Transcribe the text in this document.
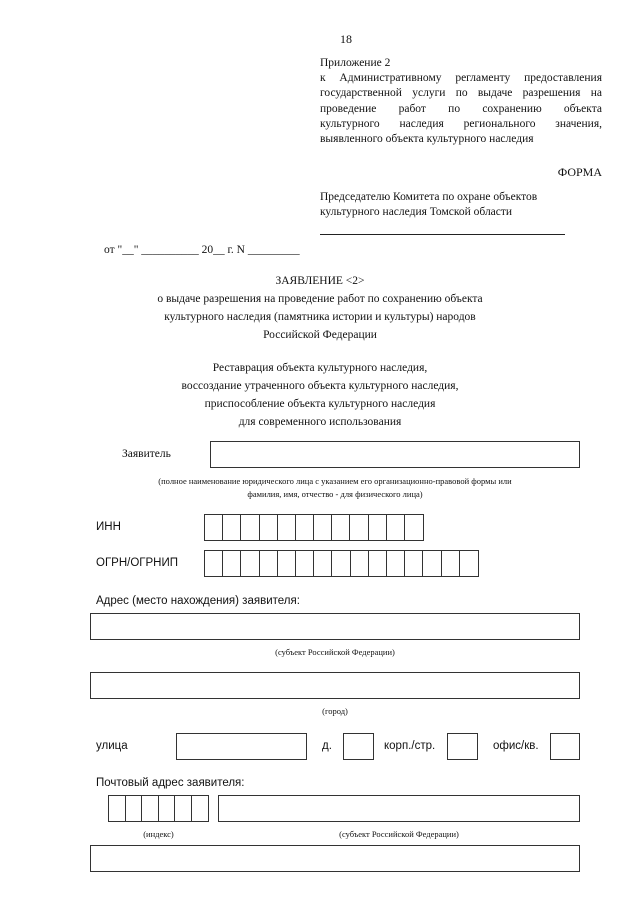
18
Приложение 2
к Административному регламенту предоставления
государственной услуги по выдаче разрешения на
проведение работ по сохранению объекта
культурного наследия регионального значения,
выявленного объекта культурного наследия
ФОРМА
Председателю Комитета по охране объектов
культурного наследия Томской области
от "__" __________ 20__ г. N _________
ЗАЯВЛЕНИЕ <2>
о выдаче разрешения на проведение работ по сохранению объекта
культурного наследия (памятника истории и культуры) народов
Российской Федерации
Реставрация объекта культурного наследия,
воссоздание утраченного объекта культурного наследия,
приспособление объекта культурного наследия
для современного использования
Заявитель
(полное наименование юридического лица с указанием его организационно-правовой формы или
фамилия, имя, отчество - для физического лица)
ИНН
ОГРН/ОГРНИП
Адрес (место нахождения) заявителя:
(субъект Российской Федерации)
(город)
улица	д.	корп./стр.	офис/кв.
Почтовый адрес заявителя:
(индекс)	(субъект Российской Федерации)
